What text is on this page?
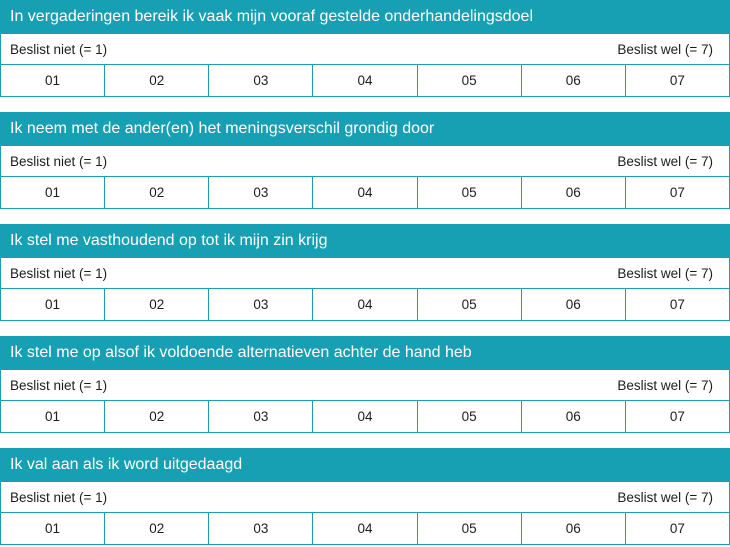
In vergaderingen bereik ik vaak mijn vooraf gestelde onderhandelingsdoel
Beslist niet (= 1)	Beslist wel (= 7)
01	02	03	04	05	06	07
Ik neem met de ander(en) het meningsverschil grondig door
Beslist niet (= 1)	Beslist wel (= 7)
01	02	03	04	05	06	07
Ik stel me vasthoudend op tot ik mijn zin krijg
Beslist niet (= 1)	Beslist wel (= 7)
01	02	03	04	05	06	07
Ik stel me op alsof ik voldoende alternatieven achter de hand heb
Beslist niet (= 1)	Beslist wel (= 7)
01	02	03	04	05	06	07
Ik val aan als ik word uitgedaagd
Beslist niet (= 1)	Beslist wel (= 7)
01	02	03	04	05	06	07
